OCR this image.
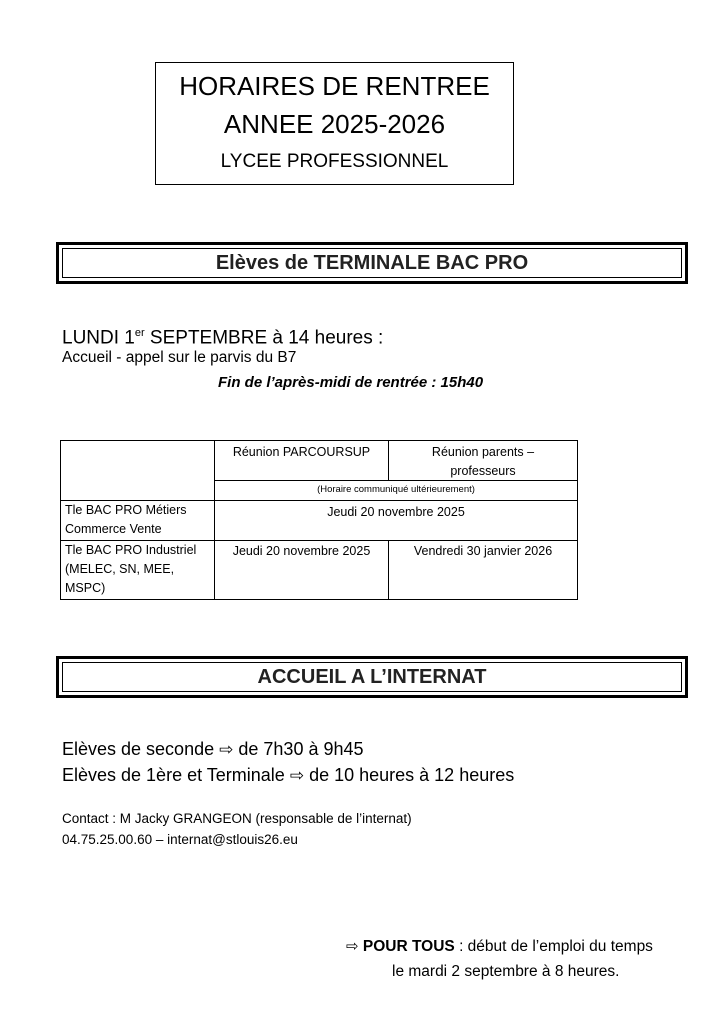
HORAIRES DE RENTREE
ANNEE 2025-2026
LYCEE PROFESSIONNEL
Elèves de TERMINALE BAC PRO
LUNDI 1er SEPTEMBRE à 14 heures :
Accueil - appel sur le parvis du B7
Fin de l’après-midi de rentrée : 15h40
Réunion PARCOURSUP	Réunion parents – professeurs
(Horaire communiqué ultérieurement)
Tle BAC PRO Métiers Commerce Vente
Jeudi 20 novembre 2025
Tle BAC PRO Industriel (MELEC, SN, MEE, MSPC)
Jeudi 20 novembre 2025	Vendredi 30 janvier 2026
ACCUEIL A L’INTERNAT
Elèves de seconde ⇨ de 7h30 à 9h45
Elèves de 1ère et Terminale ⇨ de 10 heures à 12 heures
Contact : M Jacky GRANGEON (responsable de l’internat)
04.75.25.00.60 – internat@stlouis26.eu
⇨ POUR TOUS : début de l’emploi du temps
le mardi 2 septembre à 8 heures.
